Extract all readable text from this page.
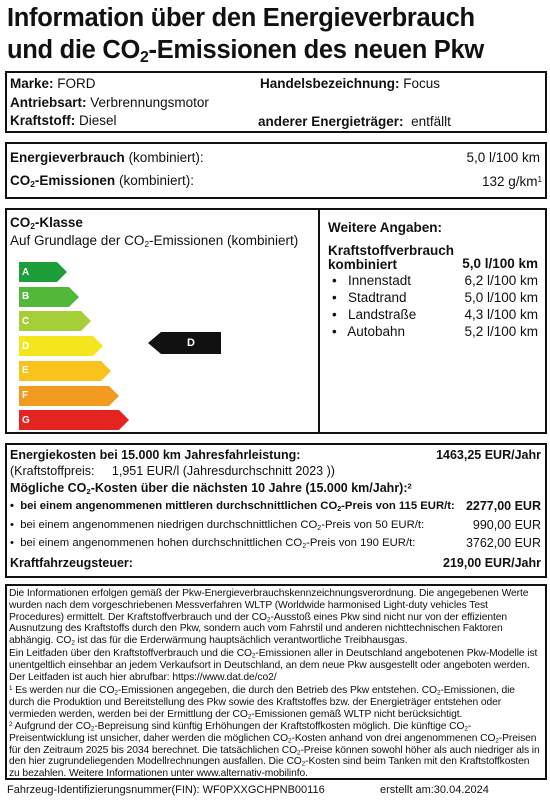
Information über den Energieverbrauch
und die $CO_2$-Emissionen des neuen Pkw
Marke: FORD	Handelsbezeichnung: Focus
Antriebsart: Verbrennungsmotor
Kraftstoff: Diesel	anderer Energieträger: entfällt
Energieverbrauch (kombiniert):	5,0 l/100 km
$CO_2$-Emissionen (kombiniert):	132 $g/km^1$
$CO_2$-Klasse
Auf Grundlage der $CO_2$-Emissionen (kombiniert)
A
B
C
D
E
F
G
D
Weitere Angaben:
Kraftstoffverbrauch
kombiniert	5,0 l/100 km
•   Innenstadt	6,2 l/100 km
•   Stadtrand	5,0 l/100 km
•   Landstraße	4,3 l/100 km
•   Autobahn	5,2 l/100 km
Energiekosten bei 15.000 km Jahresfahrleistung:	1463,25 EUR/Jahr
(Kraftstoffpreis: 1,951 EUR/l (Jahresdurchschnitt 2023 ))
Mögliche $CO_2$-Kosten über die nächsten 10 Jahre (15.000 km/Jahr):$^2$
•  bei einem angenommenen mittleren durchschnittlichen $CO_2$-Preis von 115 EUR/t: 2277,00 EUR
•  bei einem angenommenen niedrigen durchschnittlichen $CO_2$-Preis von 50 EUR/t:	990,00 EUR
•  bei einem angenommenen hohen durchschnittlichen $CO_2$-Preis von 190 EUR/t:	3762,00 EUR
Kraftfahrzeugsteuer:	219,00 EUR/Jahr
Die Informationen erfolgen gemäß der Pkw-Energieverbrauchskennzeichnungsverordnung. Die angegebenen Werte wurden nach dem vorgeschriebenen Messverfahren WLTP (Worldwide harmonised Light-duty vehicles Test Procedures) ermittelt. Der Kraftstoffverbrauch und der $CO_2$-Ausstoß eines Pkw sind nicht nur von der effizienten Ausnutzung des Kraftstoffs durch den Pkw, sondern auch vom Fahrstil und anderen nichttechnischen Faktoren abhängig. $CO_2$ ist das für die Erderwärmung hauptsächlich verantwortliche Treibhausgas.
Ein Leitfaden über den Kraftstoffverbrauch und die $CO_2$-Emissionen aller in Deutschland angebotenen Pkw-Modelle ist unentgeltlich einsehbar an jedem Verkaufsort in Deutschland, an dem neue Pkw ausgestellt oder angeboten werden. Der Leitfaden ist auch hier abrufbar: https://www.dat.de/co2/
$^1$ Es werden nur die $CO_2$-Emissionen angegeben, die durch den Betrieb des Pkw entstehen. $CO_2$-Emissionen, die durch die Produktion und Bereitstellung des Pkw sowie des Kraftstoffes bzw. der Energieträger entstehen oder vermieden werden, werden bei der Ermittlung der $CO_2$-Emissionen gemäß WLTP nicht berücksichtigt.
$^2$ Aufgrund der $CO_2$-Bepreisung sind künftig Erhöhungen der Kraftstoffkosten möglich. Die künftige $CO_2$-Preisentwicklung ist unsicher, daher werden die möglichen $CO_2$-Kosten anhand von drei angenommenen $CO_2$-Preisen für den Zeitraum 2025 bis 2034 berechnet. Die tatsächlichen $CO_2$-Preise können sowohl höher als auch niedriger als in den hier zugrundeliegenden Modellrechnungen ausfallen. Die $CO_2$-Kosten sind beim Tanken mit den Kraftstoffkosten zu bezahlen. Weitere Informationen unter www.alternativ-mobilinfo.
Fahrzeug-Identifizierungsnummer(FIN): WF0PXXGCHPNB00116	erstellt am:30.04.2024
